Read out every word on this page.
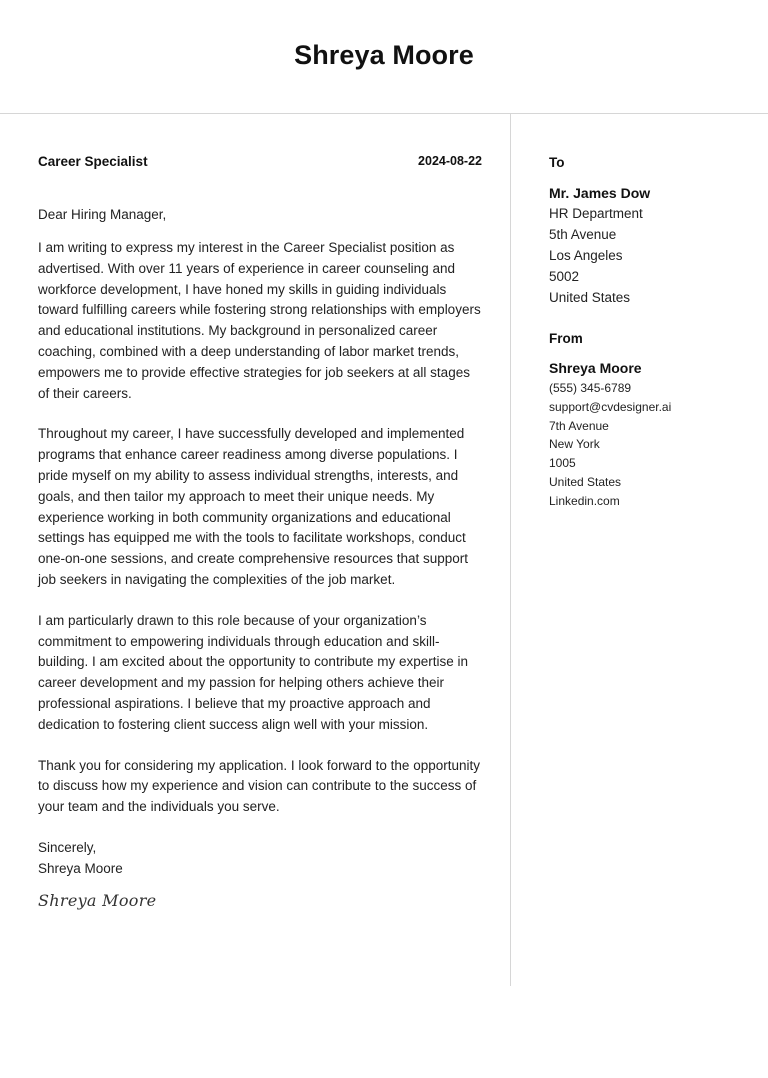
Shreya Moore
Career Specialist	2024-08-22
Dear Hiring Manager,

I am writing to express my interest in the Career Specialist position as advertised. With over 11 years of experience in career counseling and workforce development, I have honed my skills in guiding individuals toward fulfilling careers while fostering strong relationships with employers and educational institutions. My background in personalized career coaching, combined with a deep understanding of labor market trends, empowers me to provide effective strategies for job seekers at all stages of their careers.

Throughout my career, I have successfully developed and implemented programs that enhance career readiness among diverse populations. I pride myself on my ability to assess individual strengths, interests, and goals, and then tailor my approach to meet their unique needs. My experience working in both community organizations and educational settings has equipped me with the tools to facilitate workshops, conduct one-on-one sessions, and create comprehensive resources that support job seekers in navigating the complexities of the job market.

I am particularly drawn to this role because of your organization’s commitment to empowering individuals through education and skill-building. I am excited about the opportunity to contribute my expertise in career development and my passion for helping others achieve their professional aspirations. I believe that my proactive approach and dedication to fostering client success align well with your mission.

Thank you for considering my application. I look forward to the opportunity to discuss how my experience and vision can contribute to the success of your team and the individuals you serve.

Sincerely,
Shreya Moore
Shreya Moore
To
Mr. James Dow
HR Department
5th Avenue
Los Angeles
5002
United States
From
Shreya Moore
(555) 345-6789
support@cvdesigner.ai
7th Avenue
New York
1005
United States
Linkedin.com
